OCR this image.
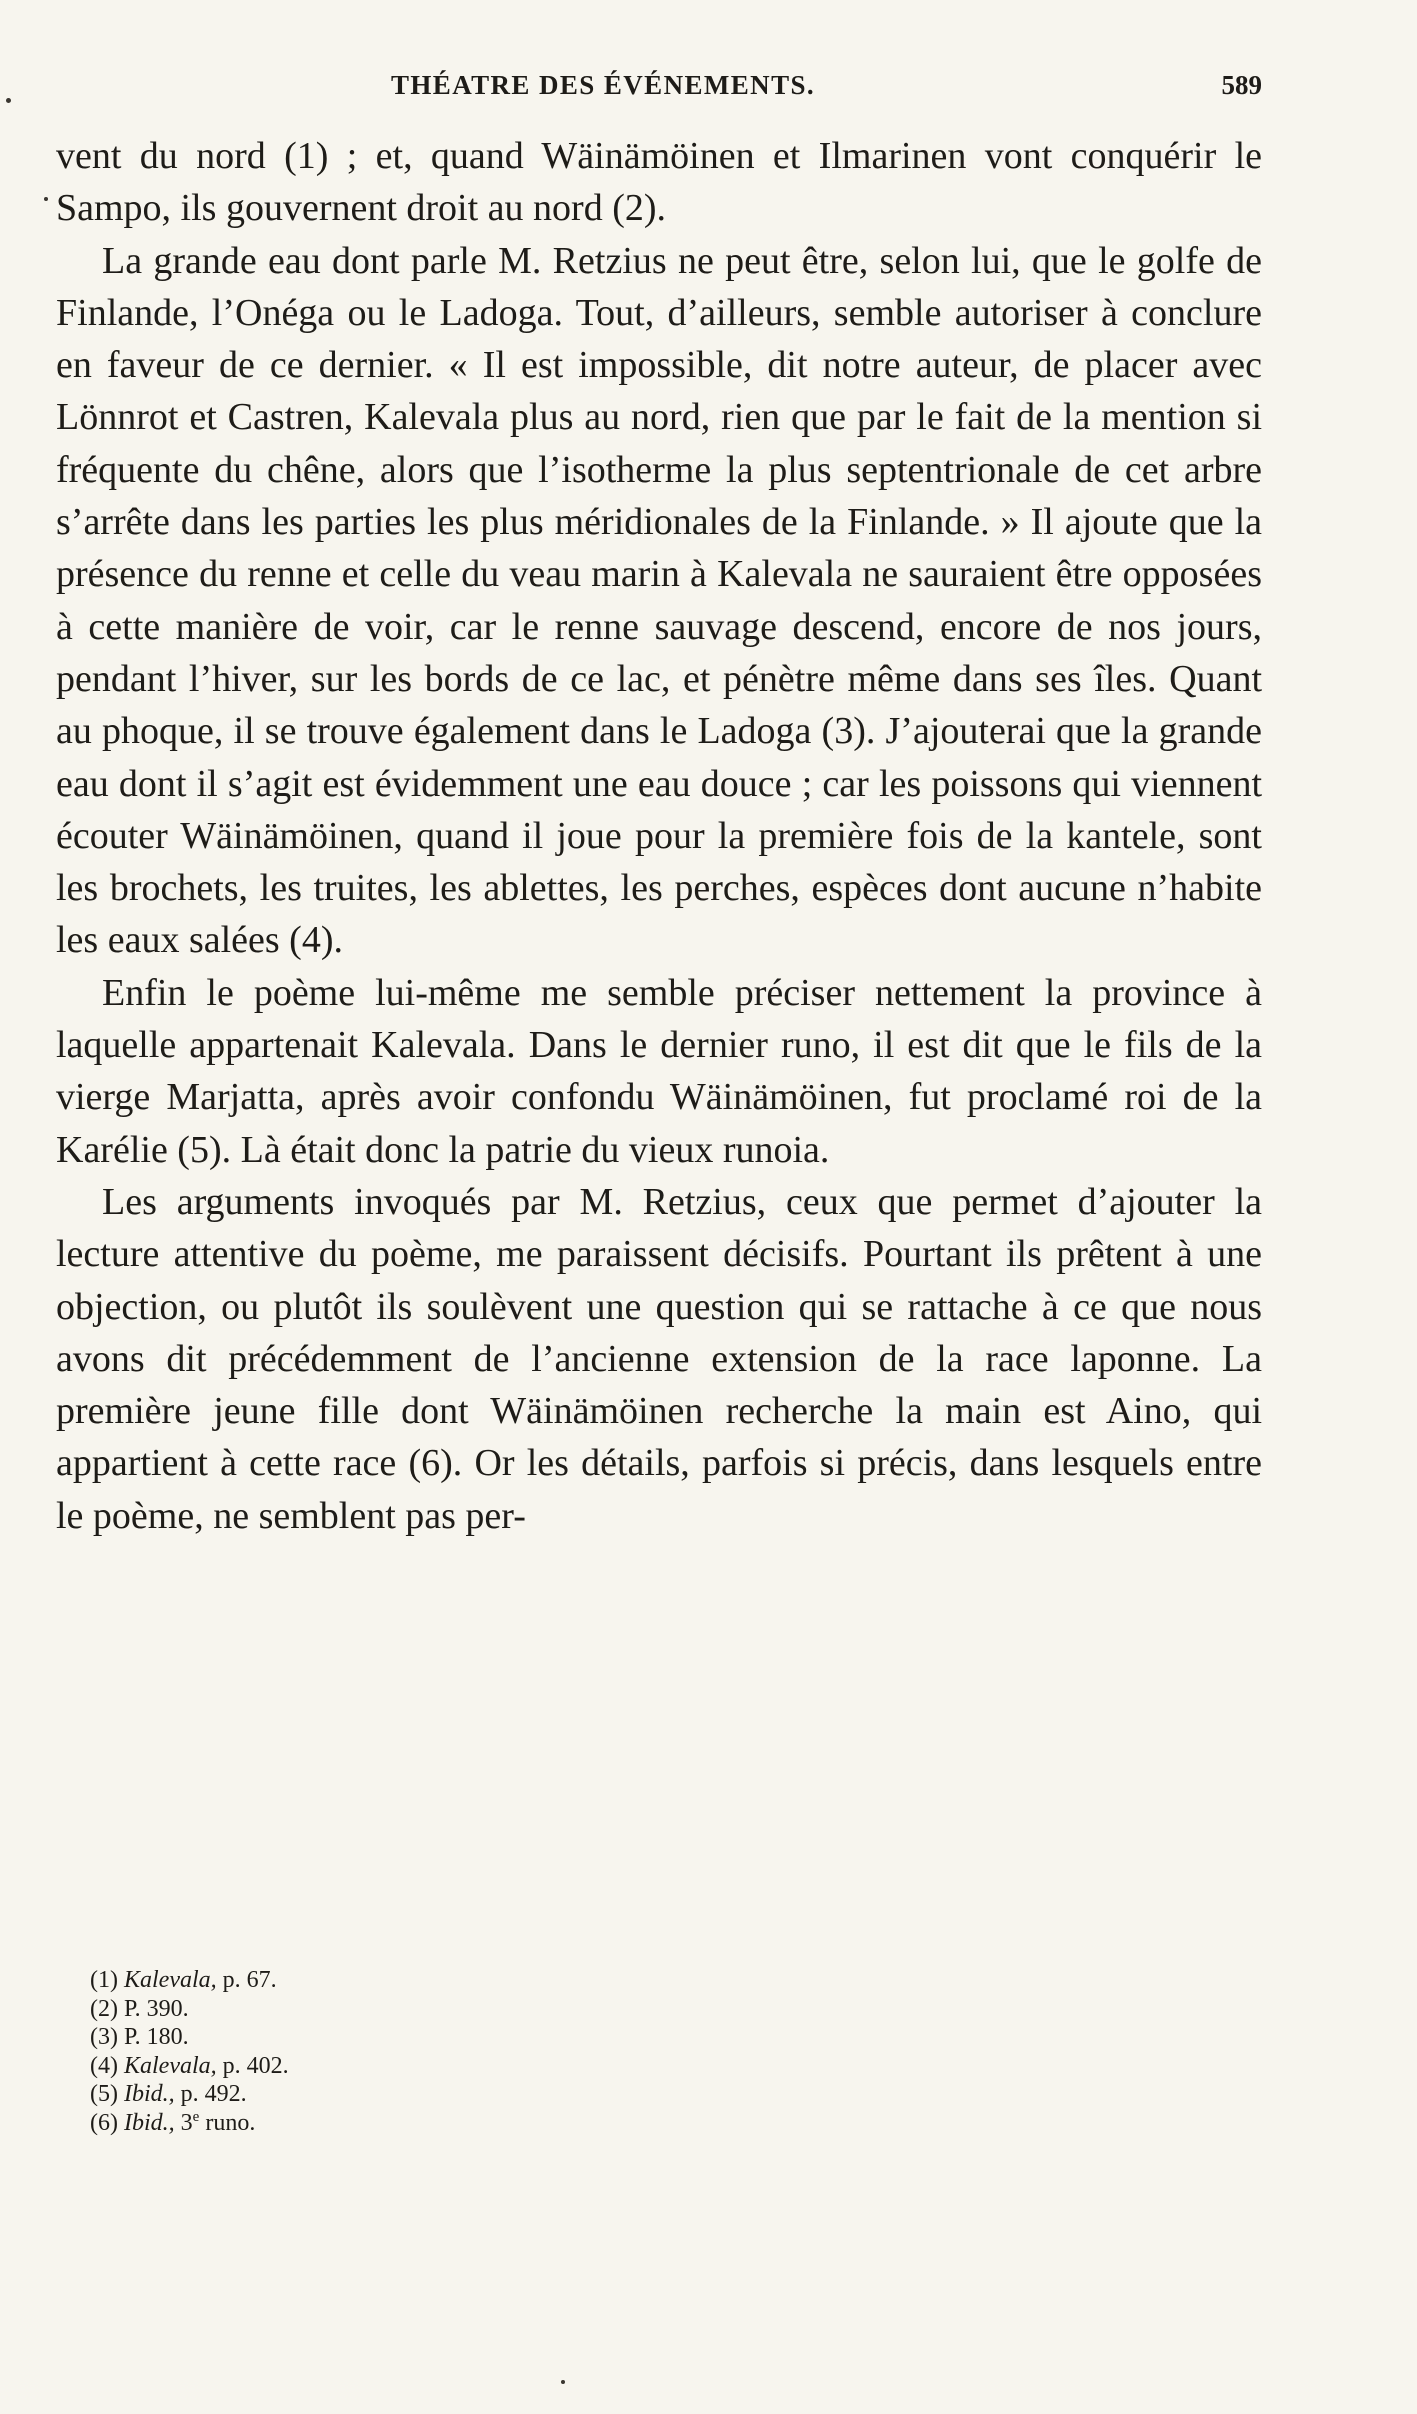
THÉATRE DES ÉVÉNEMENTS.	589

vent du nord (1) ; et, quand Wäinämöinen et Ilmarinen vont conquérir le Sampo, ils gouvernent droit au nord (2).

La grande eau dont parle M. Retzius ne peut être, selon lui, que le golfe de Finlande, l’Onéga ou le Ladoga. Tout, d’ailleurs, semble autoriser à conclure en faveur de ce dernier. « Il est impossible, dit notre auteur, de placer avec Lönnrot et Castren, Kalevala plus au nord, rien que par le fait de la mention si fréquente du chêne, alors que l’isotherme la plus septentrionale de cet arbre s’arrête dans les parties les plus méridionales de la Finlande. » Il ajoute que la présence du renne et celle du veau marin à Kalevala ne sauraient être opposées à cette manière de voir, car le renne sauvage descend, encore de nos jours, pendant l’hiver, sur les bords de ce lac, et pénètre même dans ses îles. Quant au phoque, il se trouve également dans le Ladoga (3). J’ajouterai que la grande eau dont il s’agit est évidemment une eau douce ; car les poissons qui viennent écouter Wäinämöinen, quand il joue pour la première fois de la kantele, sont les brochets, les truites, les ablettes, les perches, espèces dont aucune n’habite les eaux salées (4).

Enfin le poème lui-même me semble préciser nettement la province à laquelle appartenait Kalevala. Dans le dernier runo, il est dit que le fils de la vierge Marjatta, après avoir confondu Wäinämöinen, fut proclamé roi de la Karélie (5). Là était donc la patrie du vieux runoia.

Les arguments invoqués par M. Retzius, ceux que permet d’ajouter la lecture attentive du poème, me paraissent décisifs. Pourtant ils prêtent à une objection, ou plutôt ils soulèvent une question qui se rattache à ce que nous avons dit précédemment de l’ancienne extension de la race laponne. La première jeune fille dont Wäinämöinen recherche la main est Aino, qui appartient à cette race (6). Or les détails, parfois si précis, dans lesquels entre le poème, ne semblent pas per-

(1) Kalevala, p. 67.
(2) P. 390.
(3) P. 180.
(4) Kalevala, p. 402.
(5) Ibid., p. 492.
(6) Ibid., 3e runo.
